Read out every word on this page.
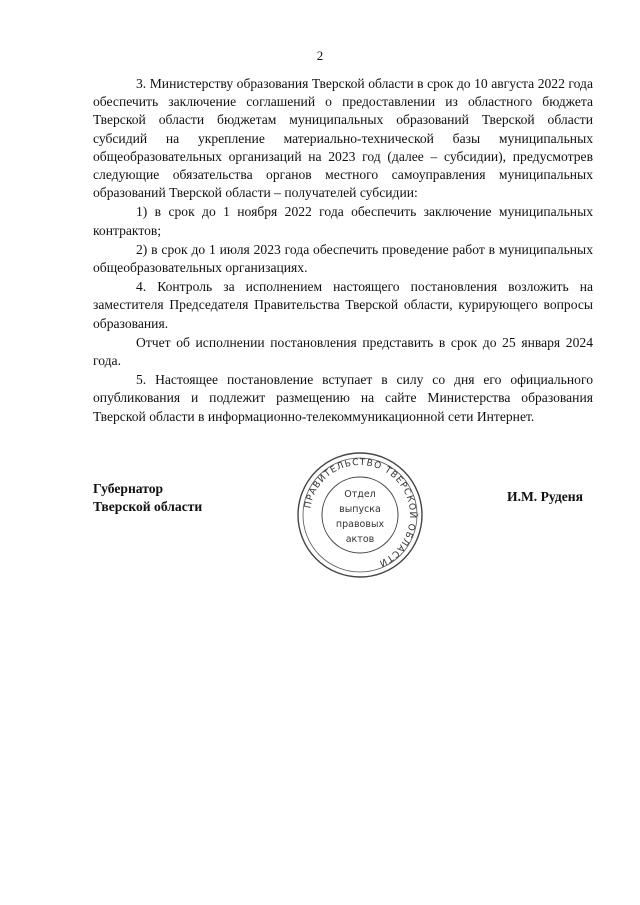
2

3. Министерству образования Тверской области в срок до 10 августа 2022 года обеспечить заключение соглашений о предоставлении из областного бюджета Тверской области бюджетам муниципальных образований Тверской области субсидий на укрепление материально-технической базы муниципальных общеобразовательных организаций на 2023 год (далее – субсидии), предусмотрев следующие обязательства органов местного самоуправления муниципальных образований Тверской области – получателей субсидии:

1) в срок до 1 ноября 2022 года обеспечить заключение муниципальных контрактов;

2) в срок до 1 июля 2023 года обеспечить проведение работ в муниципальных общеобразовательных организациях.

4. Контроль за исполнением настоящего постановления возложить на заместителя Председателя Правительства Тверской области, курирующего вопросы образования.

Отчет об исполнении постановления представить в срок до 25 января 2024 года.

5. Настоящее постановление вступает в силу со дня его официального опубликования и подлежит размещению на сайте Министерства образования Тверской области в информационно-телекоммуникационной сети Интернет.

Губернатор
Тверской области
И.М. Руденя
ПРАВИТЕЛЬСТВО ТВЕРСКОЙ ОБЛАСТИ
Отдел
выпуска
правовых
актов
